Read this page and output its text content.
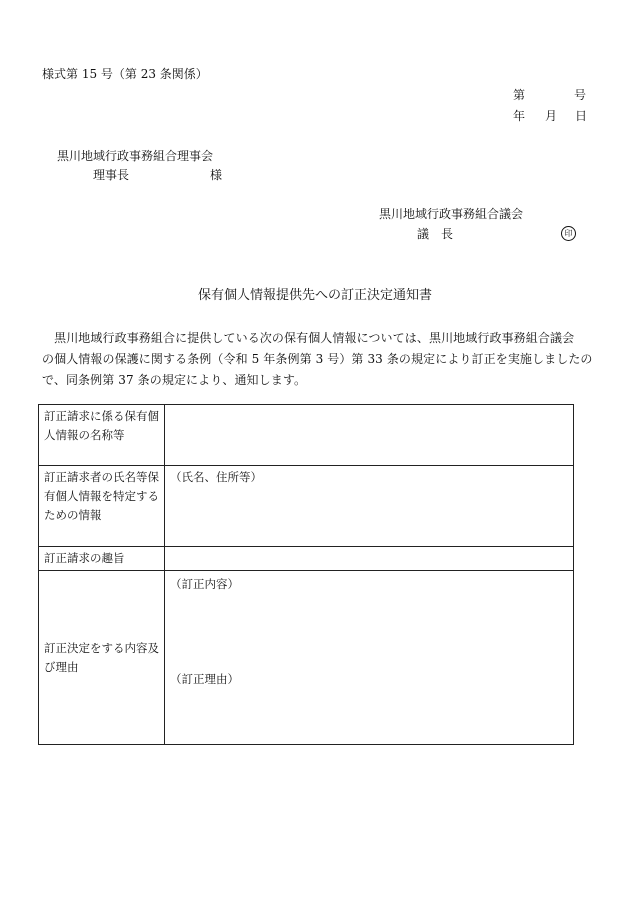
様式第 15 号（第 23 条関係）
第	号
年 月 日
黒川地域行政事務組合理事会
理事長	様
黒川地域行政事務組合議会
議　長	印
保有個人情報提供先への訂正決定通知書
　黒川地域行政事務組合に提供している次の保有個人情報については、黒川地域行政事務組合議会
の個人情報の保護に関する条例（令和 5 年条例第 3 号）第 33 条の規定により訂正を実施しましたの
で、同条例第 37 条の規定により、通知します。
訂正請求に係る保有個人情報の名称等	

訂正請求者の氏名等保有個人情報を特定するための情報	（氏名、住所等）

訂正請求の趣旨	

訂正決定をする内容及び理由	（訂正内容）
（訂正理由）
